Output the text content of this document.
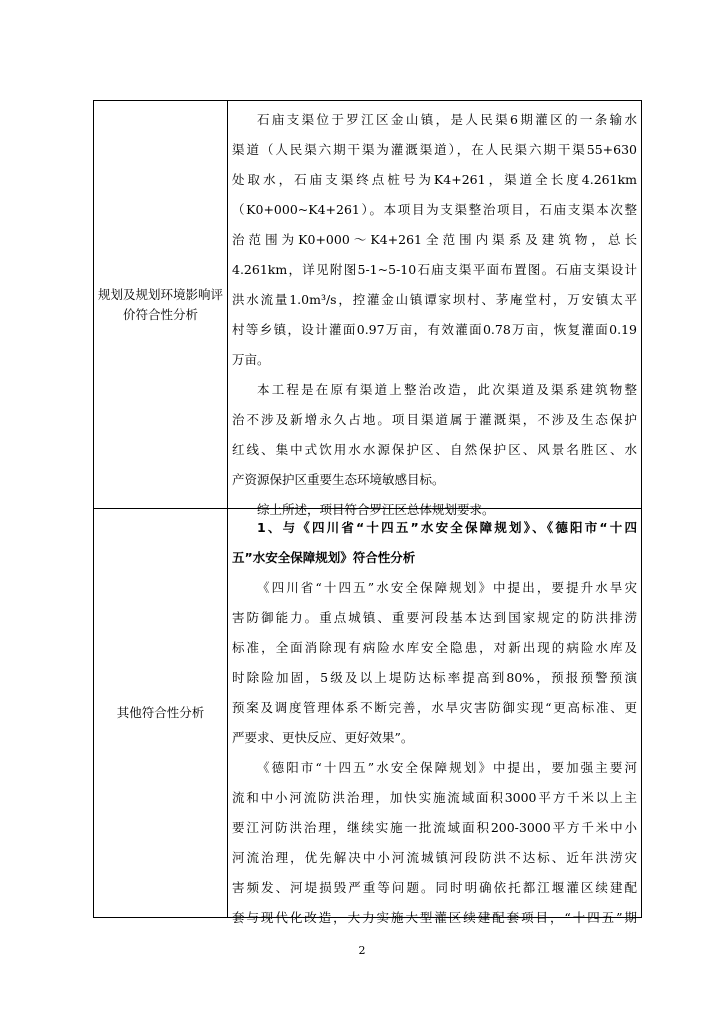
规划及规划环境影响评价符合性分析
石庙支渠位于罗江区金山镇，是人民渠6期灌区的一条输水
渠道（人民渠六期干渠为灌溉渠道），在人民渠六期干渠55+630
处取水，石庙支渠终点桩号为K4+261，渠道全长度4.261km
（K0+000~K4+261）。本项目为支渠整治项目，石庙支渠本次整
治范围为K0+000～K4+261全范围内渠系及建筑物，总长
4.261km，详见附图5-1~5-10石庙支渠平面布置图。石庙支渠设计
洪水流量1.0m³/s，控灌金山镇谭家坝村、茅庵堂村，万安镇太平
村等乡镇，设计灌面0.97万亩，有效灌面0.78万亩，恢复灌面0.19
万亩。
本工程是在原有渠道上整治改造，此次渠道及渠系建筑物整
治不涉及新增永久占地。项目渠道属于灌溉渠，不涉及生态保护
红线、集中式饮用水水源保护区、自然保护区、风景名胜区、水
产资源保护区重要生态环境敏感目标。
综上所述，项目符合罗江区总体规划要求。
其他符合性分析
1、与《四川省“十四五”水安全保障规划》、《德阳市“十四
五”水安全保障规划》符合性分析
《四川省“十四五”水安全保障规划》中提出，要提升水旱灾
害防御能力。重点城镇、重要河段基本达到国家规定的防洪排涝
标准，全面消除现有病险水库安全隐患，对新出现的病险水库及
时除险加固，5级及以上堤防达标率提高到80%，预报预警预演
预案及调度管理体系不断完善，水旱灾害防御实现“更高标准、更
严要求、更快反应、更好效果”。
《德阳市“十四五”水安全保障规划》中提出，要加强主要河
流和中小河流防洪治理，加快实施流域面积3000平方千米以上主
要江河防洪治理，继续实施一批流域面积200-3000平方千米中小
河流治理，优先解决中小河流城镇河段防洪不达标、近年洪涝灾
害频发、河堤损毁严重等问题。同时明确依托都江堰灌区续建配
套与现代化改造，大力实施大型灌区续建配套项目，“十四五”期
2
